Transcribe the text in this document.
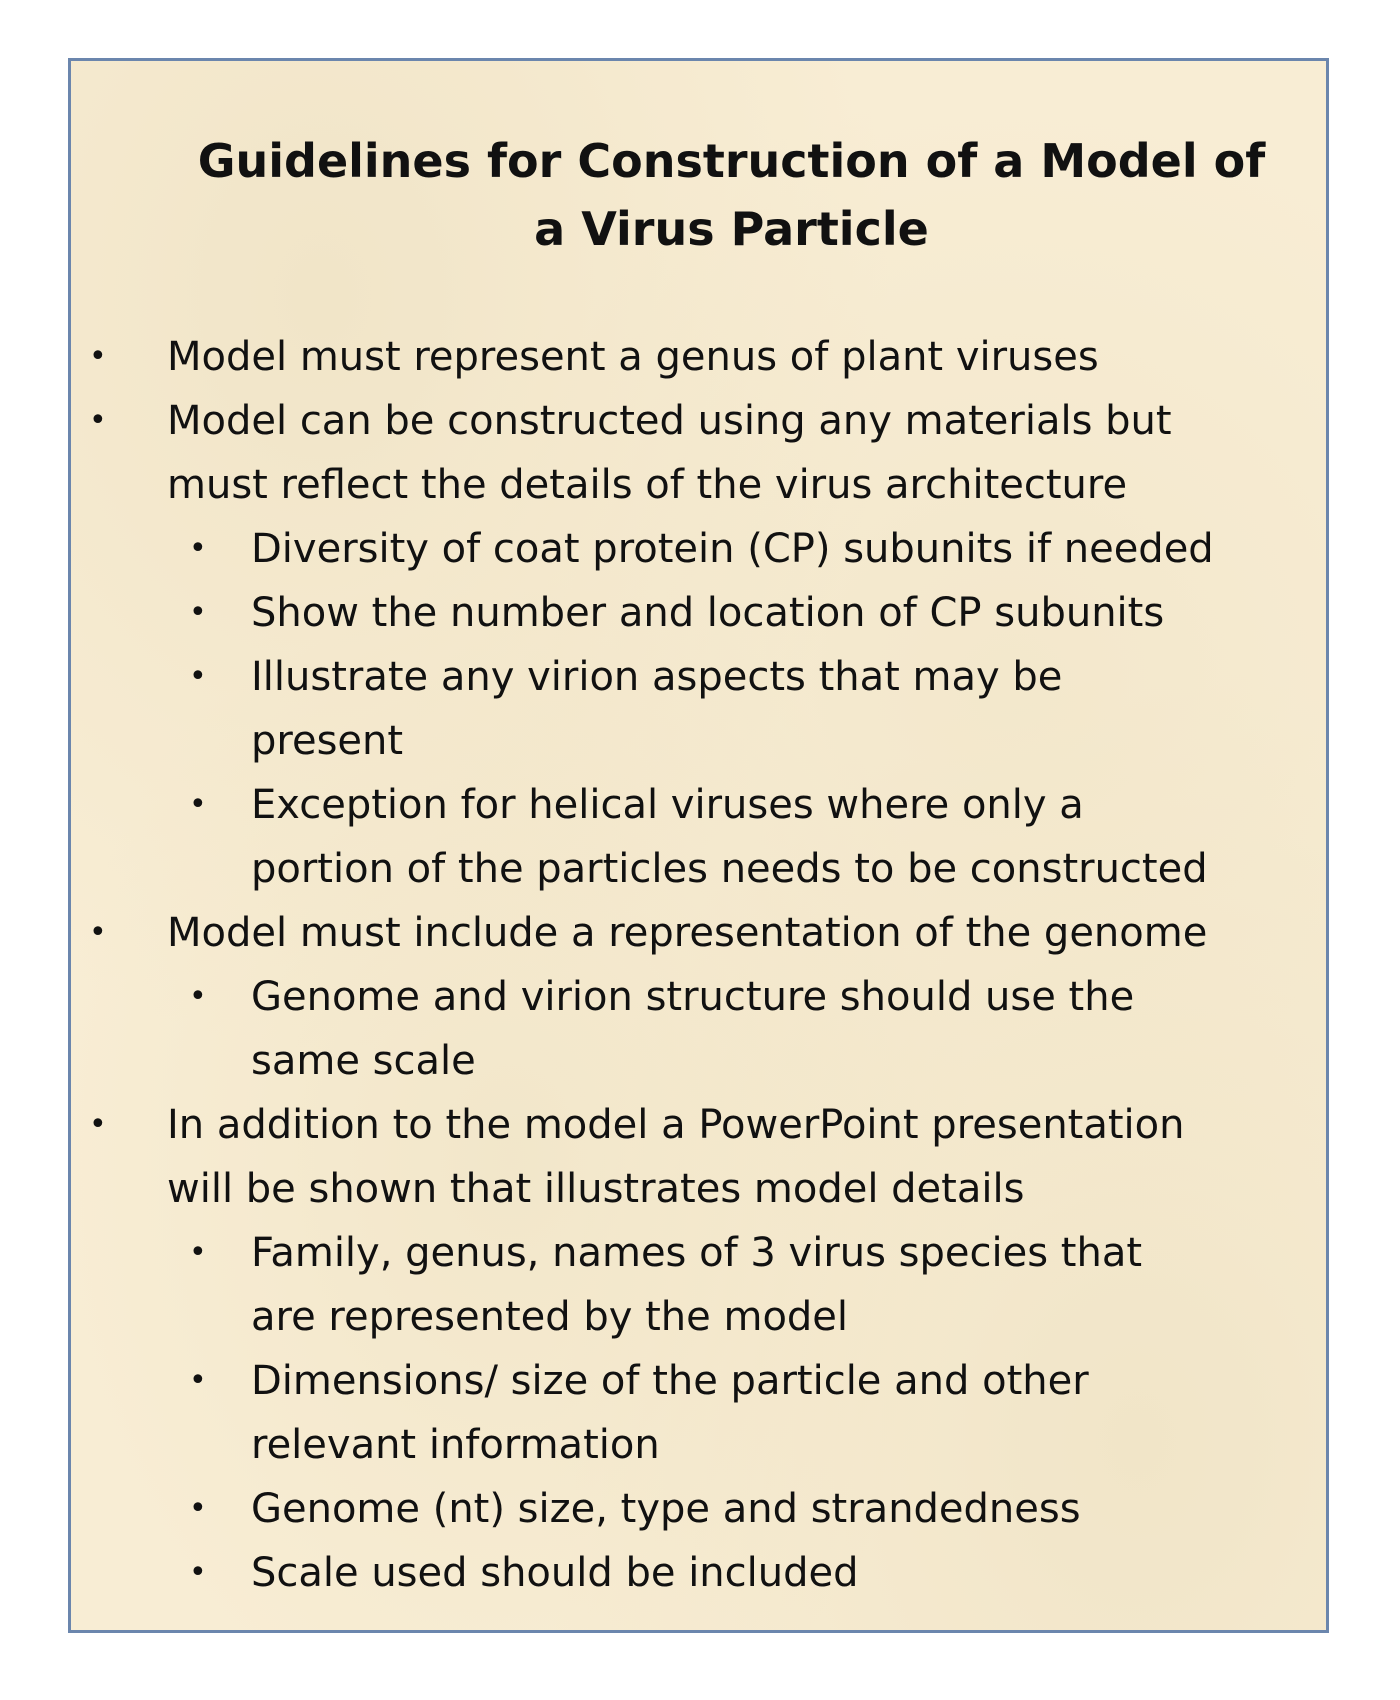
Guidelines for Construction of a Model of
a Virus Particle
• Model must represent a genus of plant viruses
• Model can be constructed using any materials but
must reflect the details of the virus architecture
• Diversity of coat protein (CP) subunits if needed
• Show the number and location of CP subunits
• Illustrate any virion aspects that may be
present
• Exception for helical viruses where only a
portion of the particles needs to be constructed
• Model must include a representation of the genome
• Genome and virion structure should use the
same scale
• In addition to the model a PowerPoint presentation
will be shown that illustrates model details
• Family, genus, names of 3 virus species that
are represented by the model
• Dimensions/ size of the particle and other
relevant information
• Genome (nt) size, type and strandedness
• Scale used should be included
